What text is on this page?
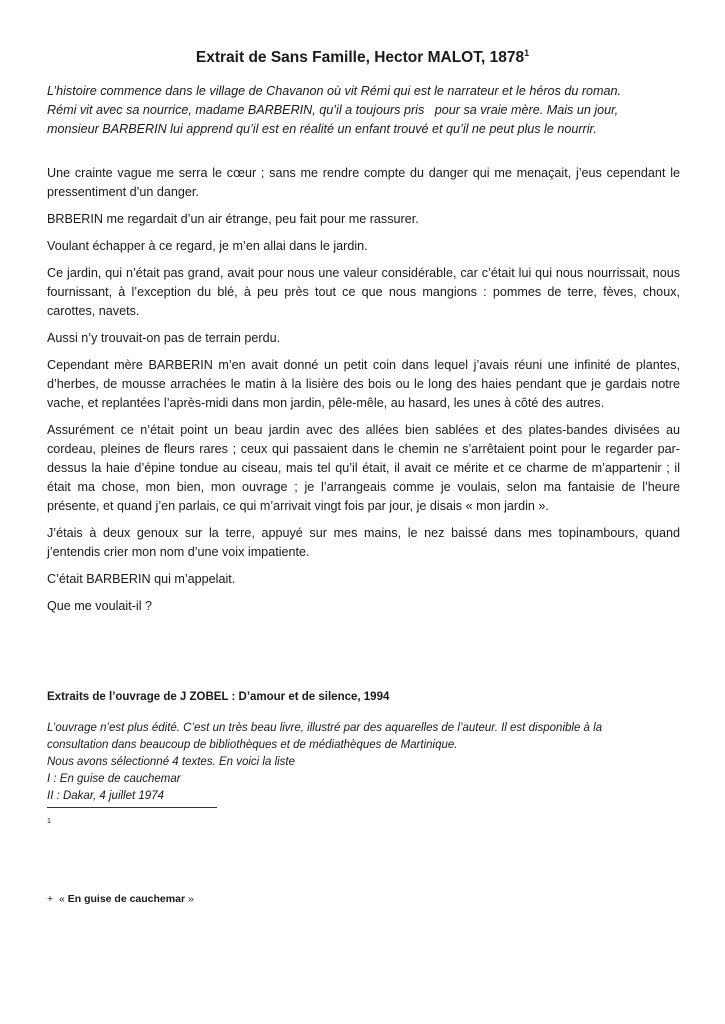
Extrait de Sans Famille, Hector MALOT, 1878$^1$

L’histoire commence dans le village de Chavanon où vit Rémi qui est le narrateur et le héros du roman.

Rémi vit avec sa nourrice, madame BARBERIN, qu’il a toujours pris   pour sa vraie mère. Mais un jour,

monsieur BARBERIN lui apprend qu’il est en réalité un enfant trouvé et qu’il ne peut plus le nourrir.

Une crainte vague me serra le cœur ; sans me rendre compte du danger qui me menaçait, j’eus cependant le pressentiment d’un danger.

BRBERIN me regardait d’un air étrange, peu fait pour me rassurer.

Voulant échapper à ce regard, je m’en allai dans le jardin.

Ce jardin, qui n’était pas grand, avait pour nous une valeur considérable, car c’était lui qui nous nourrissait, nous fournissant, à l’exception du blé, à peu près tout ce que nous mangions : pommes de terre, fèves, choux, carottes, navets.

Aussi n’y trouvait-on pas de terrain perdu.

Cependant mère BARBERIN m’en avait donné un petit coin dans lequel j’avais réuni une infinité de plantes, d’herbes, de mousse arrachées le matin à la lisière des bois ou le long des haies pendant que je gardais notre vache, et replantées l’après-midi dans mon jardin, pêle-mêle, au hasard, les unes à côté des autres.

Assurément ce n’était point un beau jardin avec des allées bien sablées et des plates-bandes divisées au cordeau, pleines de fleurs rares ; ceux qui passaient dans le chemin ne s’arrêtaient point pour le regarder par-dessus la haie d’épine tondue au ciseau, mais tel qu’il était, il avait ce mérite et ce charme de m’appartenir ; il était ma chose, mon bien, mon ouvrage ; je l’arrangeais comme je voulais, selon ma fantaisie de l’heure présente, et quand j’en parlais, ce qui m’arrivait vingt fois par jour, je disais « mon jardin ».

J’étais à deux genoux sur la terre, appuyé sur mes mains, le nez baissé dans mes topinambours, quand j’entendis crier mon nom d’une voix impatiente.

C’était BARBERIN qui m’appelait.

Que me voulait-il ?

Extraits de l’ouvrage de J ZOBEL : D’amour et de silence, 1994

L’ouvrage n’est plus édité. C’est un très beau livre, illustré par des aquarelles de l’auteur. Il est disponible à la

consultation dans beaucoup de bibliothèques et de médiathèques de Martinique.

Nous avons sélectionné 4 textes. En voici la liste

I : En guise de cauchemar

II : Dakar, 4 juillet 1974

1

+  « En guise de cauchemar »
